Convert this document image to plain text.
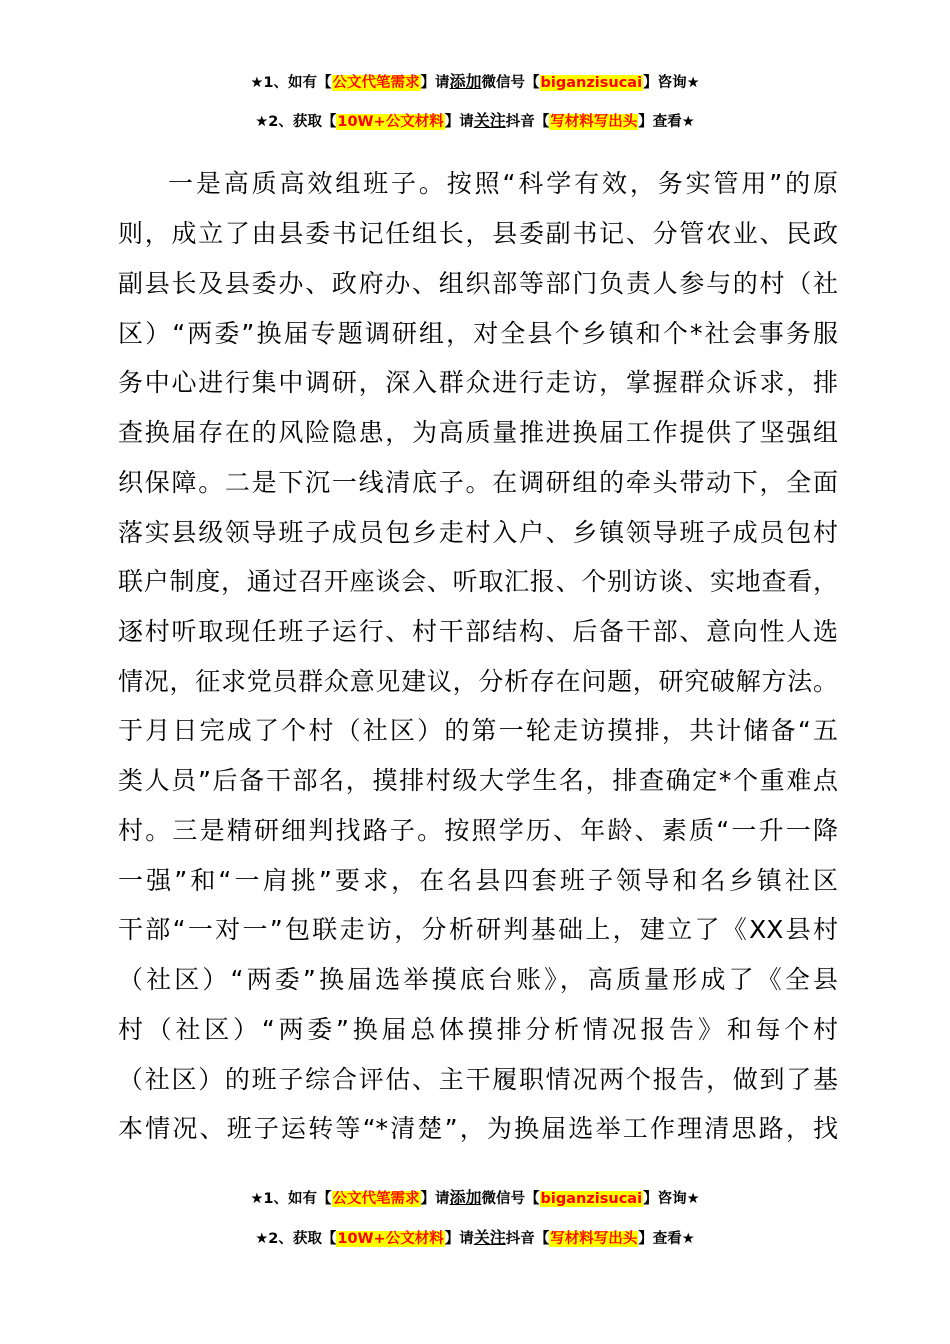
★1、如有【公文代笔需求】请添加微信号【biganzisucai】咨询★
★2、获取【10W+公文材料】请关注抖音【写材料写出头】查看★
一是高质高效组班子。按照“科学有效，务实管用”的原
则，成立了由县委书记任组长，县委副书记、分管农业、民政
副县长及县委办、政府办、组织部等部门负责人参与的村（社
区）“两委”换届专题调研组，对全县个乡镇和个*社会事务服
务中心进行集中调研，深入群众进行走访，掌握群众诉求，排
查换届存在的风险隐患，为高质量推进换届工作提供了坚强组
织保障。二是下沉一线清底子。在调研组的牵头带动下，全面
落实县级领导班子成员包乡走村入户、乡镇领导班子成员包村
联户制度，通过召开座谈会、听取汇报、个别访谈、实地查看，
逐村听取现任班子运行、村干部结构、后备干部、意向性人选
情况，征求党员群众意见建议，分析存在问题，研究破解方法。
于月日完成了个村（社区）的第一轮走访摸排，共计储备“五
类人员”后备干部名，摸排村级大学生名，排查确定*个重难点
村。三是精研细判找路子。按照学历、年龄、素质“一升一降
一强”和“一肩挑”要求，在名县四套班子领导和名乡镇社区
干部“一对一”包联走访，分析研判基础上，建立了《XX县村
（社区）“两委”换届选举摸底台账》，高质量形成了《全县
村（社区）“两委”换届总体摸排分析情况报告》和每个村
（社区）的班子综合评估、主干履职情况两个报告，做到了基
本情况、班子运转等“*清楚”，为换届选举工作理清思路，找
★1、如有【公文代笔需求】请添加微信号【biganzisucai】咨询★
★2、获取【10W+公文材料】请关注抖音【写材料写出头】查看★
